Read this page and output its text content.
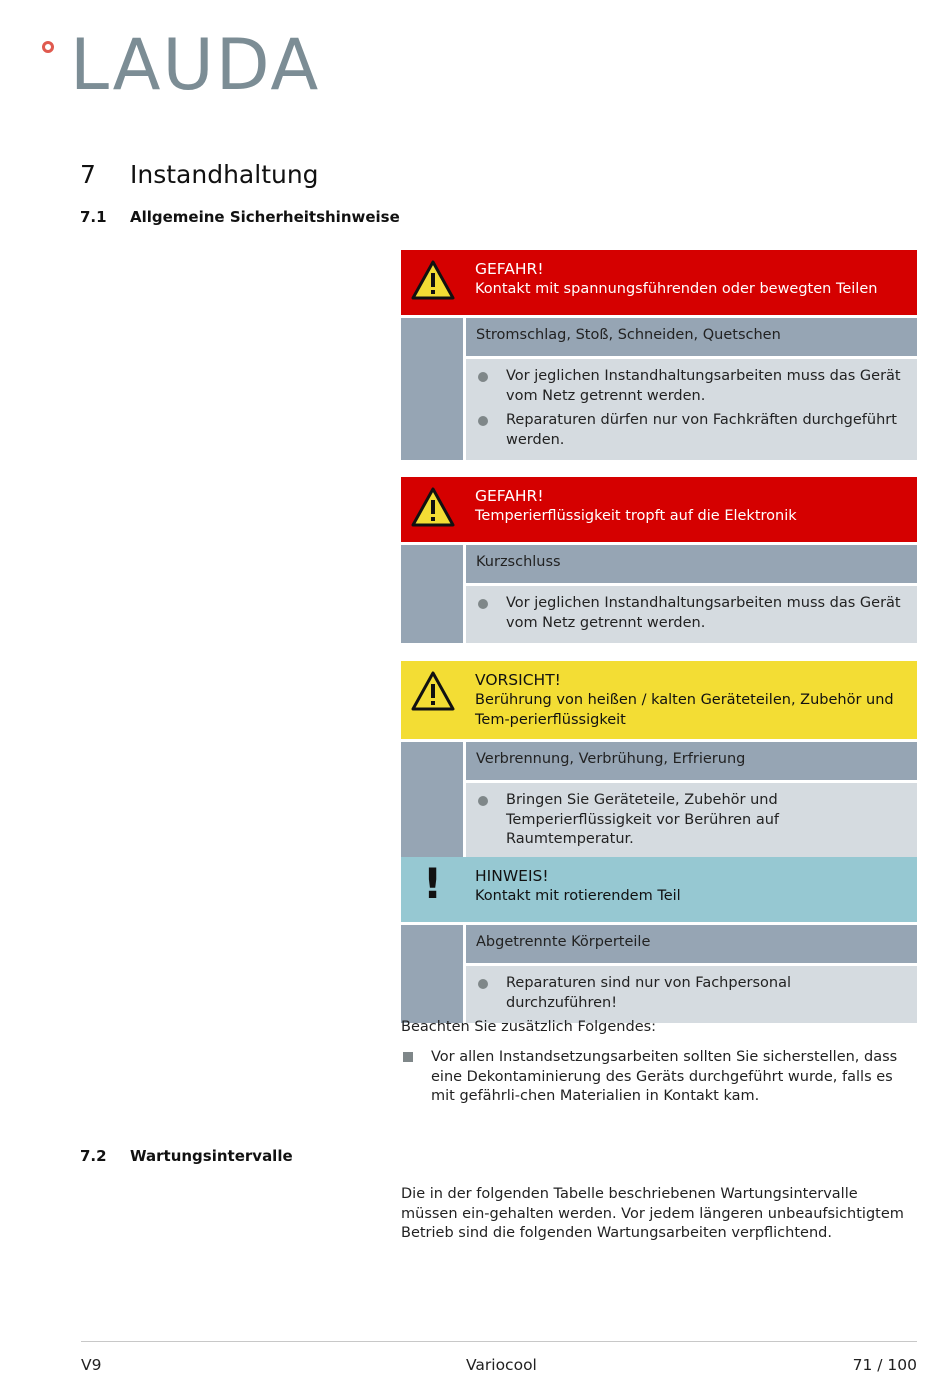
LAUDA
7 Instandhaltung
7.1 Allgemeine Sicherheitshinweise
GEFAHR!
Kontakt mit spannungsführenden oder bewegten Teilen
Stromschlag, Stoß, Schneiden, Quetschen
Vor jeglichen Instandhaltungsarbeiten muss das Gerät vom Netz getrennt werden.
Reparaturen dürfen nur von Fachkräften durchgeführt werden.
GEFAHR!
Temperierflüssigkeit tropft auf die Elektronik
Kurzschluss
Vor jeglichen Instandhaltungsarbeiten muss das Gerät vom Netz getrennt werden.
VORSICHT!
Berührung von heißen / kalten Geräteteilen, Zubehör und Tem-perierflüssigkeit
Verbrennung, Verbrühung, Erfrierung
Bringen Sie Geräteteile, Zubehör und Temperierflüssigkeit vor Berühren auf Raumtemperatur.
! HINWEIS!
Kontakt mit rotierendem Teil
Abgetrennte Körperteile
Reparaturen sind nur von Fachpersonal durchzuführen!
Beachten Sie zusätzlich Folgendes:
Vor allen Instandsetzungsarbeiten sollten Sie sicherstellen, dass eine Dekontaminierung des Geräts durchgeführt wurde, falls es mit gefährli-chen Materialien in Kontakt kam.
7.2 Wartungsintervalle
Die in der folgenden Tabelle beschriebenen Wartungsintervalle müssen ein-gehalten werden. Vor jedem längeren unbeaufsichtigtem Betrieb sind die folgenden Wartungsarbeiten verpflichtend.
V9	Variocool	71 / 100
